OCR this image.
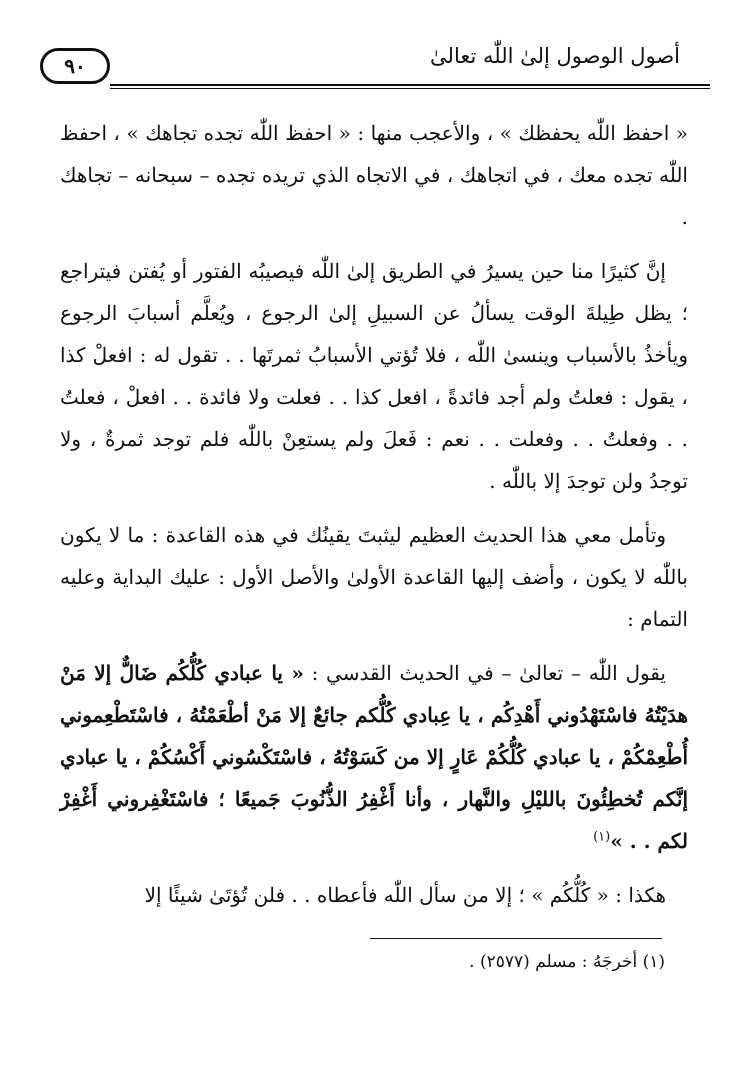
أصول الوصول إلىٰ اللّٰه تعالىٰ
٩٠

« احفظ اللّٰه يحفظك » ، والأعجب منها : « احفظ اللّٰه تجده تجاهك » ، احفظ اللّٰه تجده معك ، في اتجاهك ، في الاتجاه الذي تريده تجده – سبحانه – تجاهك .

إنَّ كثيرًا منا حين يسيرُ في الطريق إلىٰ اللّٰه فيصيبُه الفتور أو يُفتن فيتراجع ؛ يظل طِيلةَ الوقت يسألُ عن السبيلِ إلىٰ الرجوع ، ويُعلَّم أسبابَ الرجوع ويأخذُ بالأسباب وينسىٰ اللّٰه ، فلا تُؤتي الأسبابُ ثمرتَها . . تقول له : افعلْ كذا ، يقول : فعلتُ ولم أجد فائدةً ، افعل كذا . . فعلت ولا فائدة . . افعلْ ، فعلتُ . . وفعلتُ . . وفعلت . . نعم : فَعلَ ولم يستعِنْ باللّٰه فلم توجد ثمرةٌ ، ولا توجدُ ولن توجدَ إلا باللّٰه .

وتأمل معي هذا الحديث العظيم ليثبتَ يقينُك في هذه القاعدة : ما لا يكون باللّٰه لا يكون ، وأضف إليها القاعدة الأولىٰ والأصل الأول : عليك البداية وعليه التمام :

يقول اللّٰه – تعالىٰ – في الحديث القدسي : « يا عبادي كُلُّكُم ضَالٌّ إلا مَنْ هدَيْتُهُ فاسْتَهْدُوني أَهْدِكُم ، يا عِبادي كُلُّكم جائعٌ إلا مَنْ أطْعَمْتُهُ ، فاسْتَطْعِموني أُطْعِمْكُمْ ، يا عبادي كُلُّكُمْ عَارٍ إلا من كَسَوْتُهُ ، فاسْتَكْسُوني أَكْسُكُمْ ، يا عبادي إنَّكم تُخطِئُونَ بالليْلِ والنَّهار ، وأنا أَغْفِرُ الذُّنُوبَ جَميعًا ؛ فاسْتَغْفِروني أَغْفِرْ لكم . . »$^{(١)}$

هكذا : « كُلُّكُم » ؛ إلا من سأل اللّٰه فأعطاه . . فلن تُؤتَىٰ شيئًا إلا

(١) أخرجَهُ : مسلم (٢٥٧٧) .
